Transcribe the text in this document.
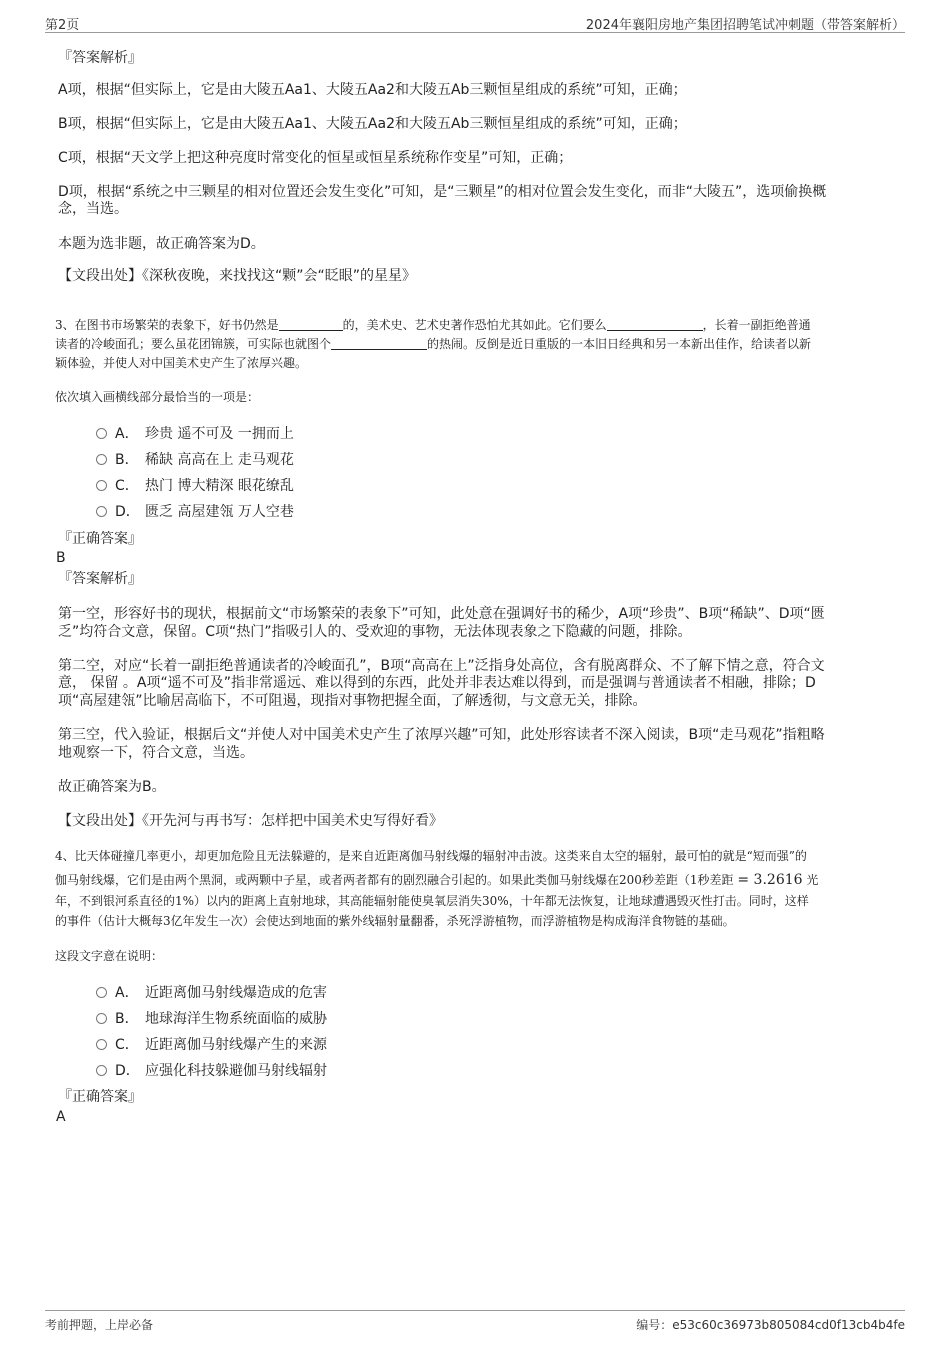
第2页	2024年襄阳房地产集团招聘笔试冲刺题（带答案解析）
『答案解析』
A项，根据“但实际上，它是由大陵五Aa1、大陵五Aa2和大陵五Ab三颗恒星组成的系统”可知，正确；
B项，根据“但实际上，它是由大陵五Aa1、大陵五Aa2和大陵五Ab三颗恒星组成的系统”可知，正确；
C项，根据“天文学上把这种亮度时常变化的恒星或恒星系统称作变星”可知，正确；
D项，根据“系统之中三颗星的相对位置还会发生变化”可知，是“三颗星”的相对位置会发生变化，而非“大陵五”，选项偷换概
念，当选。
本题为选非题，故正确答案为D。
【文段出处】《深秋夜晚，来找找这“颗”会“眨眼”的星星》
3、在图书市场繁荣的表象下，好书仍然是	的，美术史、艺术史著作恐怕尤其如此。它们要么	，长着一副拒绝普通
读者的冷峻面孔；要么虽花团锦簇，可实际也就图个	的热闹。反倒是近日重版的一本旧日经典和另一本新出佳作，给读者以新
颖体验，并使人对中国美术史产生了浓厚兴趣。
依次填入画横线部分最恰当的一项是：
A． 珍贵 遥不可及 一拥而上
B． 稀缺 高高在上 走马观花
C． 热门 博大精深 眼花缭乱
D． 匮乏 高屋建瓴 万人空巷
『正确答案』
B
『答案解析』
第一空，形容好书的现状，根据前文“市场繁荣的表象下”可知，此处意在强调好书的稀少，A项“珍贵”、B项“稀缺”、D项“匮
乏”均符合文意，保留。C项“热门”指吸引人的、受欢迎的事物，无法体现表象之下隐藏的问题，排除。
第二空，对应“长着一副拒绝普通读者的冷峻面孔”，B项“高高在上”泛指身处高位，含有脱离群众、不了解下情之意，符合文
意， 保留 。A项“遥不可及”指非常遥远、难以得到的东西，此处并非表达难以得到，而是强调与普通读者不相融，排除；D
项“高屋建瓴”比喻居高临下，不可阻遏，现指对事物把握全面，了解透彻，与文意无关，排除。
第三空，代入验证，根据后文“并使人对中国美术史产生了浓厚兴趣”可知，此处形容读者不深入阅读，B项“走马观花”指粗略
地观察一下，符合文意，当选。
故正确答案为B。
【文段出处】《开先河与再书写：怎样把中国美术史写得好看》
4、比天体碰撞几率更小，却更加危险且无法躲避的，是来自近距离伽马射线爆的辐射冲击波。这类来自太空的辐射，最可怕的就是“短而强”的
伽马射线爆，它们是由两个黑洞，或两颗中子星，或者两者都有的剧烈融合引起的。如果此类伽马射线爆在200秒差距（1秒差距 = 3.2616 光
年，不到银河系直径的1%）以内的距离上直射地球，其高能辐射能使臭氧层消失30%，十年都无法恢复，让地球遭遇毁灭性打击。同时，这样
的事件（估计大概每3亿年发生一次）会使达到地面的紫外线辐射量翻番，杀死浮游植物，而浮游植物是构成海洋食物链的基础。
这段文字意在说明：
A． 近距离伽马射线爆造成的危害
B． 地球海洋生物系统面临的威胁
C． 近距离伽马射线爆产生的来源
D． 应强化科技躲避伽马射线辐射
『正确答案』
A
考前押题，上岸必备	编号：e53c60c36973b805084cd0f13cb4b4fe
